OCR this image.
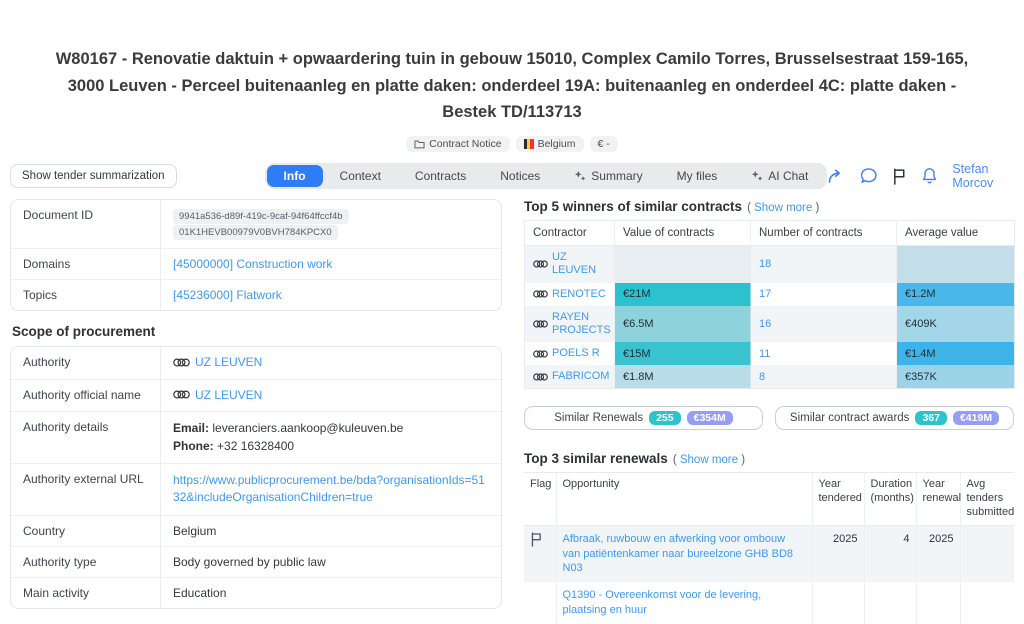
W80167 - Renovatie daktuin + opwaardering tuin in gebouw 15010, Complex Camilo Torres, Brusselsestraat 159-165, 3000 Leuven - Perceel buitenaanleg en platte daken: onderdeel 19A: buitenaanleg en onderdeel 4C: platte daken - Bestek TD/113713
Contract Notice	Belgium € -
Show tender summarization	Info	Context	Contracts	Notices	Summary	My files	AI Chat	Stefan Morcov
Document ID	9941a536-d89f-419c-9caf-94f64ffccf4b 01K1HEVB00979V0BVH784KPCX0
Domains	[45000000] Construction work
Topics	[45236000] Flatwork
Scope of procurement
Authority	UZ LEUVEN
Authority official name	UZ LEUVEN
Authority details	Email: leveranciers.aankoop@kuleuven.be
Phone: +32 16328400
Authority external URL	https://www.publicprocurement.be/bda?organisationIds=5132&includeOrganisationChildren=true
Country	Belgium
Authority type	Body governed by public law
Main activity	Education
Top 5 winners of similar contracts ( Show more )
Contractor	Value of contracts	Number of contracts	Average value

UZ LEUVEN		18	

RENOTEC	€21M	17	€1.2M

RAYEN PROJECTS	€6.5M	16	€409K

POELS R	€15M	11	€1.4M

FABRICOM	€1.8M	8	€357K
Similar Renewals	255	€354M	Similar contract awards	367	€419M
Top 3 similar renewals ( Show more )
Flag	Opportunity	Year tendered	Duration (months)	Year renewal	Avg tenders submitted
	Afbraak, ruwbouw en afwerking voor ombouw van patiëntenkamer naar bureelzone GHB BD8 N03	2025	4	2025	
	Q1390 - Overeenkomst voor de levering, plaatsing en huur				
